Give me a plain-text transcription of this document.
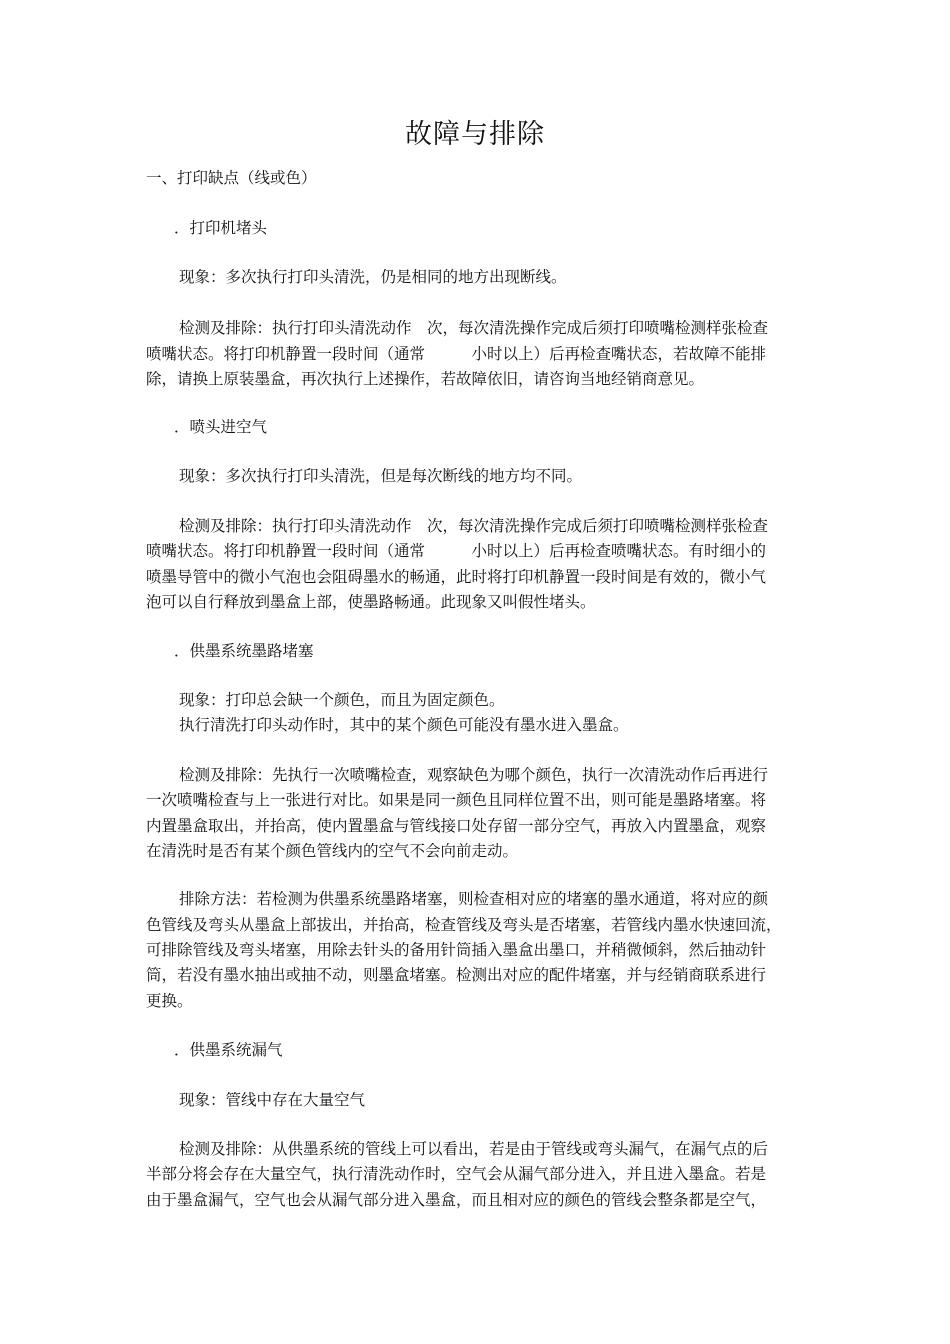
故障与排除
一、打印缺点（线或色）
．打印机堵头
现象：多次执行打印头清洗，仍是相同的地方出现断线。
检测及排除：执行打印头清洗动作　次，每次清洗操作完成后须打印喷嘴检测样张检查
喷嘴状态。将打印机静置一段时间（通常　　　小时以上）后再检查嘴状态，若故障不能排
除，请换上原装墨盒，再次执行上述操作，若故障依旧，请咨询当地经销商意见。
．喷头进空气
现象：多次执行打印头清洗，但是每次断线的地方均不同。
检测及排除：执行打印头清洗动作　次，每次清洗操作完成后须打印喷嘴检测样张检查
喷嘴状态。将打印机静置一段时间（通常　　　小时以上）后再检查喷嘴状态。有时细小的
喷墨导管中的微小气泡也会阻碍墨水的畅通，此时将打印机静置一段时间是有效的，微小气
泡可以自行释放到墨盒上部，使墨路畅通。此现象又叫假性堵头。
．供墨系统墨路堵塞
现象：打印总会缺一个颜色，而且为固定颜色。
执行清洗打印头动作时，其中的某个颜色可能没有墨水进入墨盒。
检测及排除：先执行一次喷嘴检查，观察缺色为哪个颜色，执行一次清洗动作后再进行
一次喷嘴检查与上一张进行对比。如果是同一颜色且同样位置不出，则可能是墨路堵塞。将
内置墨盒取出，并抬高，使内置墨盒与管线接口处存留一部分空气，再放入内置墨盒，观察
在清洗时是否有某个颜色管线内的空气不会向前走动。
排除方法：若检测为供墨系统墨路堵塞，则检查相对应的堵塞的墨水通道，将对应的颜
色管线及弯头从墨盒上部拔出，并抬高，检查管线及弯头是否堵塞，若管线内墨水快速回流，
可排除管线及弯头堵塞，用除去针头的备用针筒插入墨盒出墨口，并稍微倾斜，然后抽动针
筒，若没有墨水抽出或抽不动，则墨盒堵塞。检测出对应的配件堵塞，并与经销商联系进行
更换。
．供墨系统漏气
现象：管线中存在大量空气
检测及排除：从供墨系统的管线上可以看出，若是由于管线或弯头漏气，在漏气点的后
半部分将会存在大量空气，执行清洗动作时，空气会从漏气部分进入，并且进入墨盒。若是
由于墨盒漏气，空气也会从漏气部分进入墨盒，而且相对应的颜色的管线会整条都是空气，
